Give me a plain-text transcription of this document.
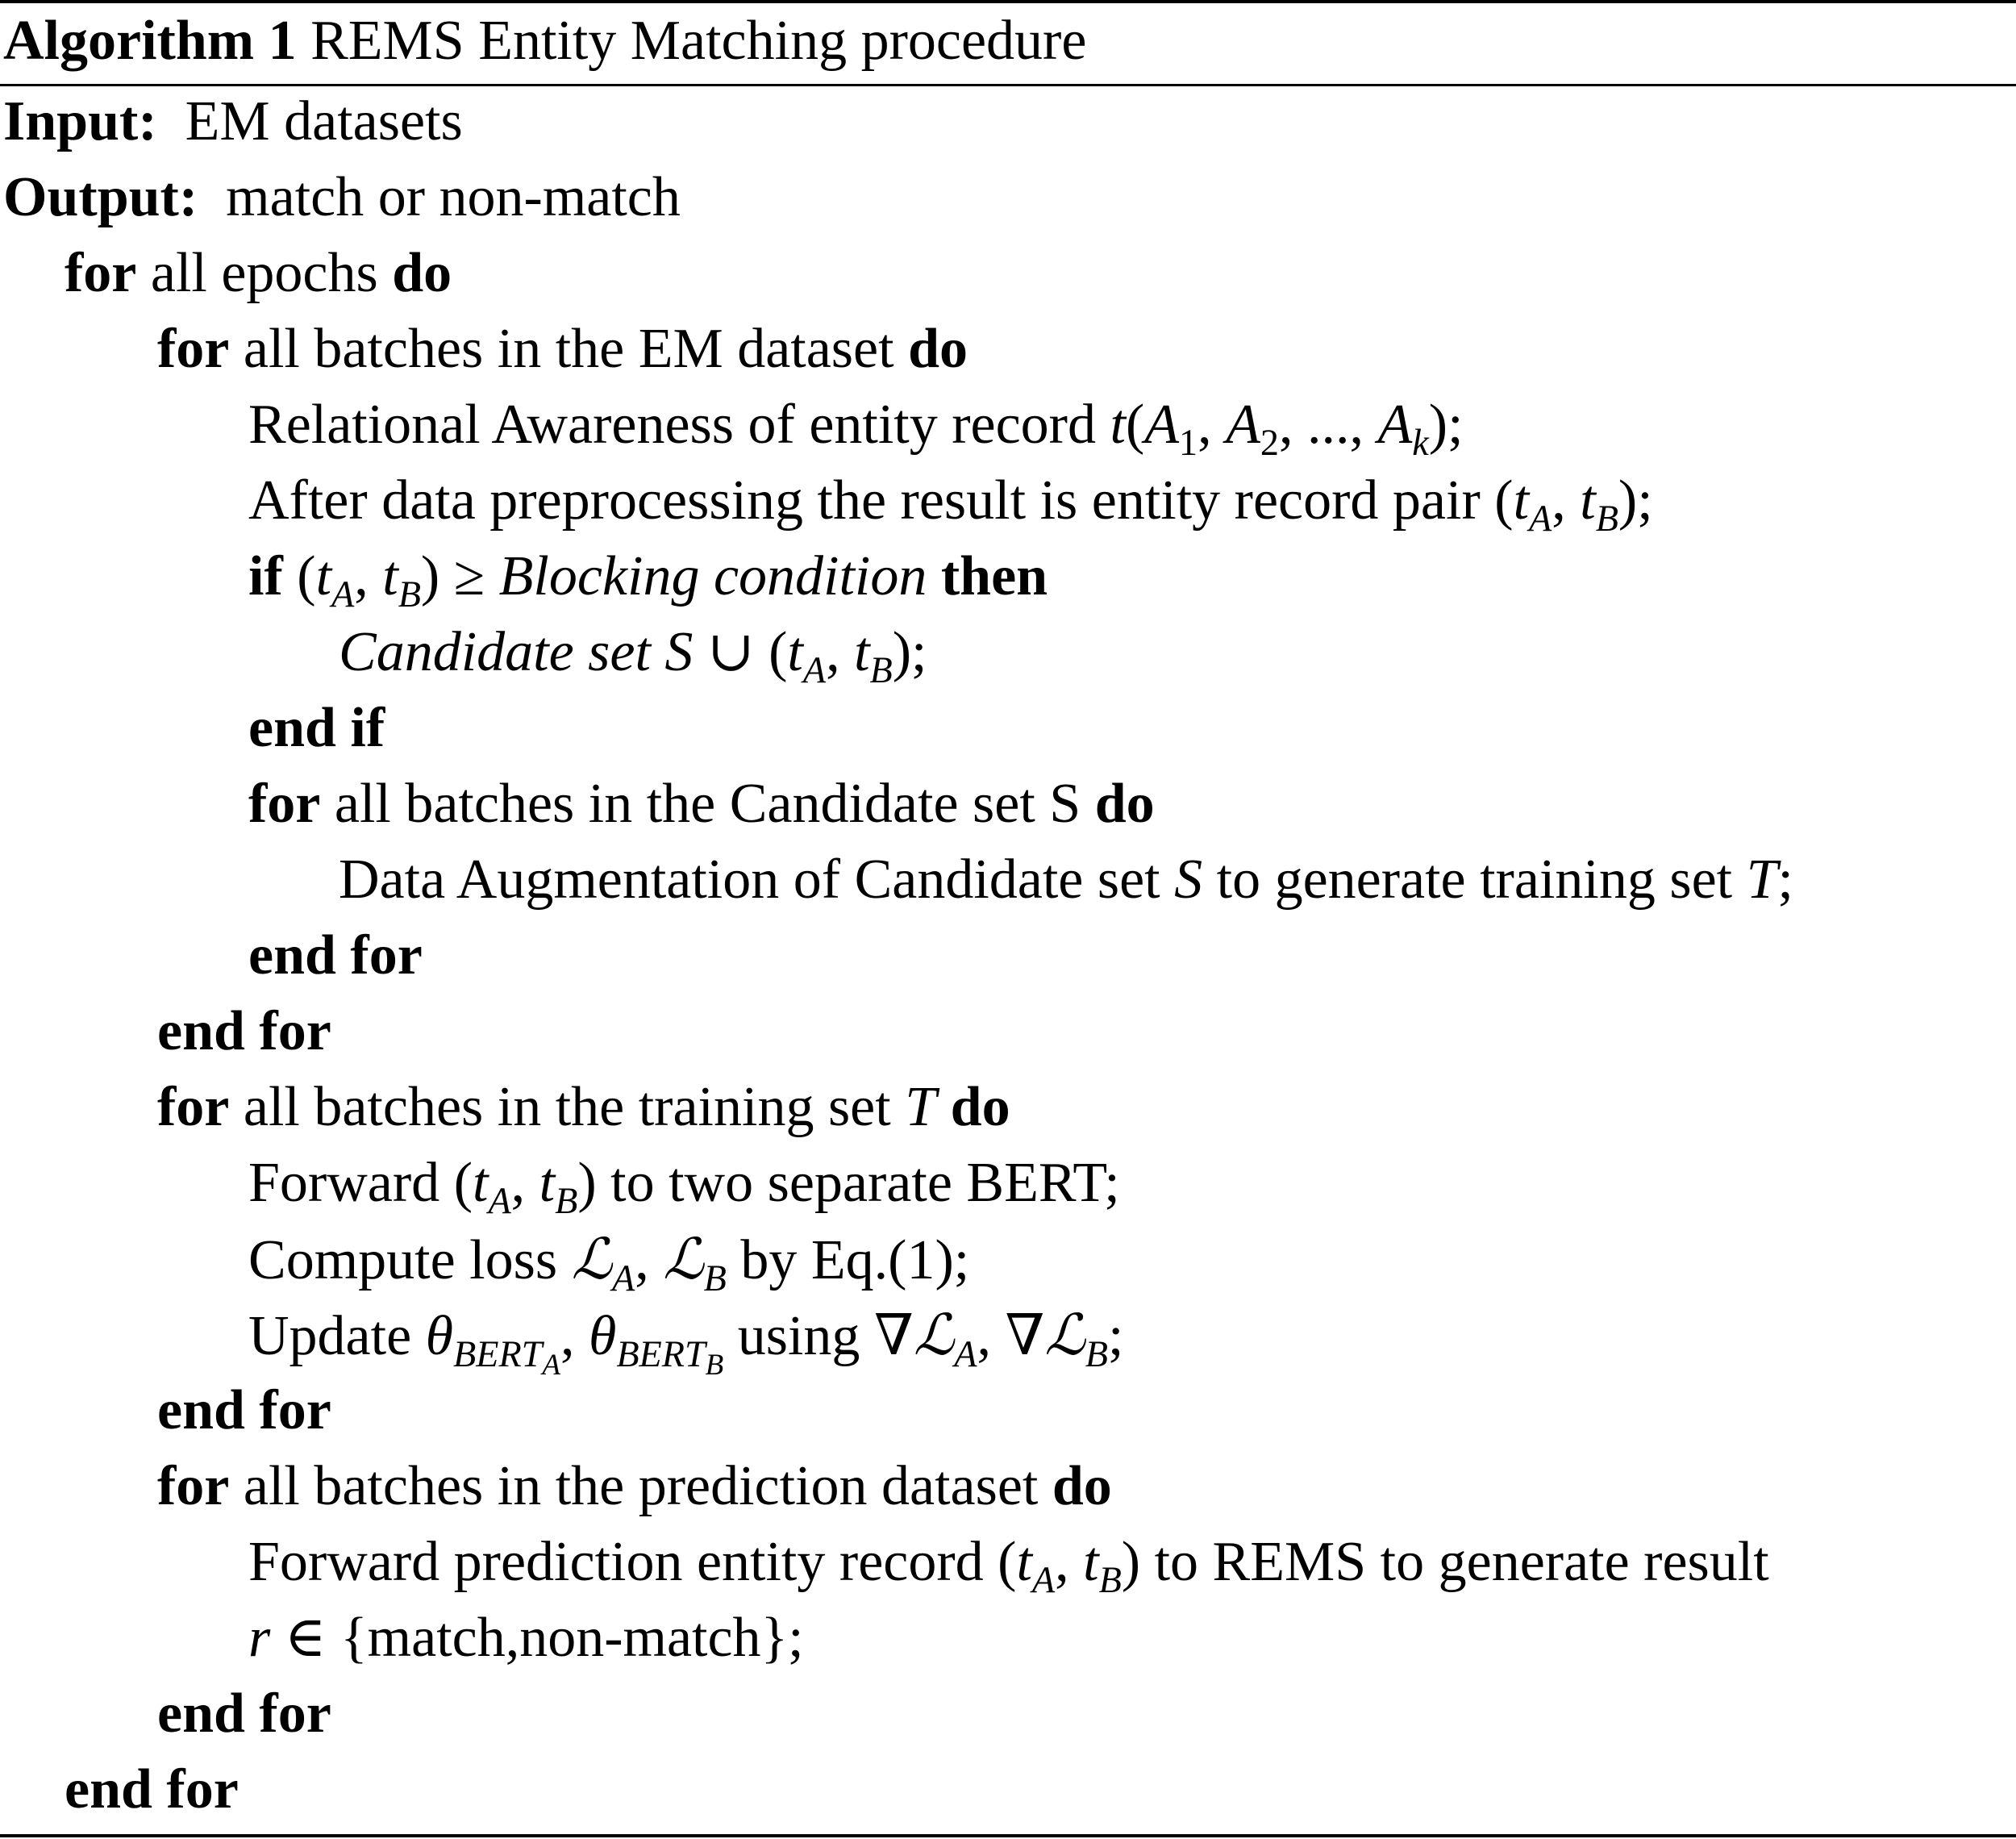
Algorithm 1 REMS Entity Matching procedure
Input: EM datasets
Output: match or non-match
for all epochs do
for all batches in the EM dataset do
Relational Awareness of entity record $t(A_1$, $A_2$, ..., $A_k$);
After data preprocessing the result is entity record pair ($t_A$, $t_B$);
if ($t_A$, $t_B$) ≥ Blocking condition then
Candidate set S ∪ ($t_A$, $t_B$);
end if
for all batches in the Candidate set S do
Data Augmentation of Candidate set S to generate training set T;
end for
end for
for all batches in the training set T do
Forward ($t_A$, $t_B$) to two separate BERT;
Compute loss ℒ$_A$, ℒ$_B$ by Eq.(1);
Update $\theta_{BERT_A}$, $\theta_{BERT_B}$ using ∇ℒ$_A$, ∇ℒ$_B$;
end for
for all batches in the prediction dataset do
Forward prediction entity record ($t_A$, $t_B$) to REMS to generate result
r ∈ {match,non-match};
end for
end for
